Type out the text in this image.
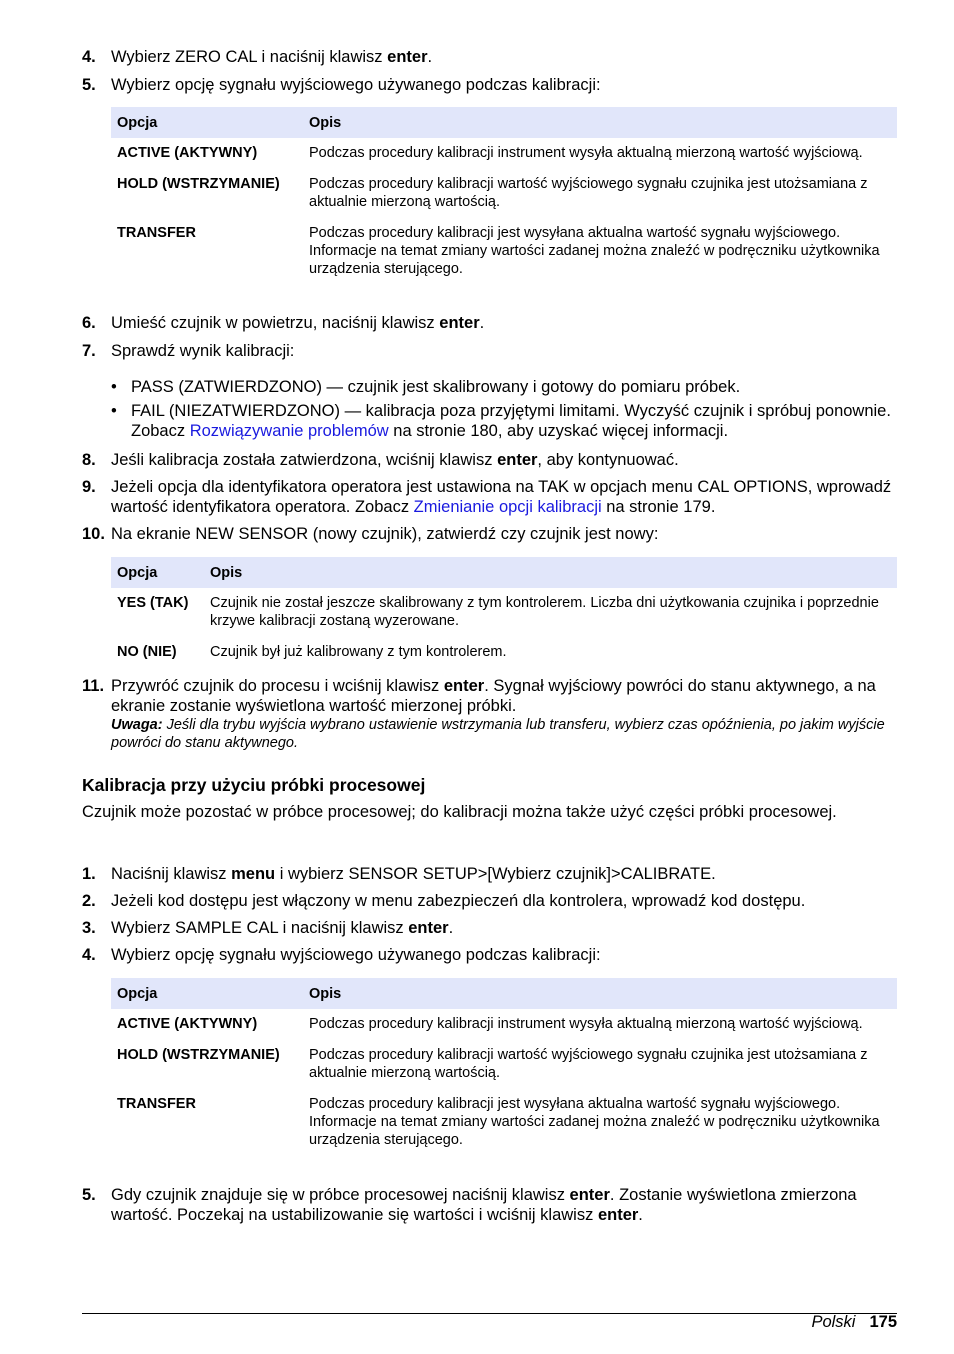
4. Wybierz ZERO CAL i naciśnij klawisz enter.
5. Wybierz opcję sygnału wyjściowego używanego podczas kalibracji:
Opcja	Opis
ACTIVE (AKTYWNY)	Podczas procedury kalibracji instrument wysyła aktualną mierzoną wartość wyjściową.
HOLD (WSTRZYMANIE)	Podczas procedury kalibracji wartość wyjściowego sygnału czujnika jest utożsamiana z aktualnie mierzoną wartością.
TRANSFER	Podczas procedury kalibracji jest wysyłana aktualna wartość sygnału wyjściowego. Informacje na temat zmiany wartości zadanej można znaleźć w podręczniku użytkownika urządzenia sterującego.
6. Umieść czujnik w powietrzu, naciśnij klawisz enter.
7. Sprawdź wynik kalibracji:
• PASS (ZATWIERDZONO) — czujnik jest skalibrowany i gotowy do pomiaru próbek.
• FAIL (NIEZATWIERDZONO) — kalibracja poza przyjętymi limitami. Wyczyść czujnik i spróbuj ponownie. Zobacz Rozwiązywanie problemów na stronie 180, aby uzyskać więcej informacji.
8. Jeśli kalibracja została zatwierdzona, wciśnij klawisz enter, aby kontynuować.
9. Jeżeli opcja dla identyfikatora operatora jest ustawiona na TAK w opcjach menu CAL OPTIONS, wprowadź wartość identyfikatora operatora. Zobacz Zmienianie opcji kalibracji na stronie 179.
10. Na ekranie NEW SENSOR (nowy czujnik), zatwierdź czy czujnik jest nowy:
Opcja	Opis
YES (TAK)	Czujnik nie został jeszcze skalibrowany z tym kontrolerem. Liczba dni użytkowania czujnika i poprzednie krzywe kalibracji zostaną wyzerowane.
NO (NIE)	Czujnik był już kalibrowany z tym kontrolerem.
11. Przywróć czujnik do procesu i wciśnij klawisz enter. Sygnał wyjściowy powróci do stanu aktywnego, a na ekranie zostanie wyświetlona wartość mierzonej próbki.
Uwaga: Jeśli dla trybu wyjścia wybrano ustawienie wstrzymania lub transferu, wybierz czas opóźnienia, po jakim wyjście powróci do stanu aktywnego.
Kalibracja przy użyciu próbki procesowej
Czujnik może pozostać w próbce procesowej; do kalibracji można także użyć części próbki procesowej.
1. Naciśnij klawisz menu i wybierz SENSOR SETUP>[Wybierz czujnik]>CALIBRATE.
2. Jeżeli kod dostępu jest włączony w menu zabezpieczeń dla kontrolera, wprowadź kod dostępu.
3. Wybierz SAMPLE CAL i naciśnij klawisz enter.
4. Wybierz opcję sygnału wyjściowego używanego podczas kalibracji:
Opcja	Opis
ACTIVE (AKTYWNY)	Podczas procedury kalibracji instrument wysyła aktualną mierzoną wartość wyjściową.
HOLD (WSTRZYMANIE)	Podczas procedury kalibracji wartość wyjściowego sygnału czujnika jest utożsamiana z aktualnie mierzoną wartością.
TRANSFER	Podczas procedury kalibracji jest wysyłana aktualna wartość sygnału wyjściowego. Informacje na temat zmiany wartości zadanej można znaleźć w podręczniku użytkownika urządzenia sterującego.
5. Gdy czujnik znajduje się w próbce procesowej naciśnij klawisz enter. Zostanie wyświetlona zmierzona wartość. Poczekaj na ustabilizowanie się wartości i wciśnij klawisz enter.
Polski 175
